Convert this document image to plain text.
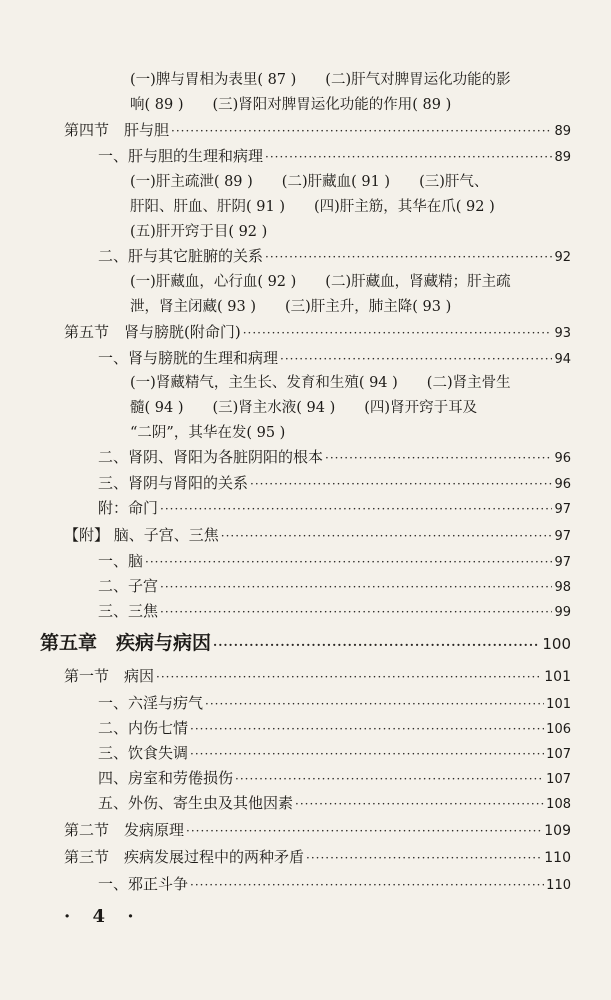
(一)脾与胃相为表里( 87 )　　(二)肝气对脾胃运化功能的影
响( 89 )　　(三)肾阳对脾胃运化功能的作用( 89 )
第四节　肝与胆 ·····	89
一、肝与胆的生理和病理 ·····	89
(一)肝主疏泄( 89 )　　(二)肝藏血( 91 )　　(三)肝气、
肝阳、肝血、肝阴( 91 )　　(四)肝主筋，其华在爪( 92 )
(五)肝开窍于目( 92 )
二、肝与其它脏腑的关系 ·····	92
(一)肝藏血，心行血( 92 )　　(二)肝藏血，肾藏精；肝主疏
泄，肾主闭藏( 93 )　　(三)肝主升，肺主降( 93 )
第五节　肾与膀胱(附命门) ·····	93
一、肾与膀胱的生理和病理 ·····	94
(一)肾藏精气，主生长、发育和生殖( 94 )　　(二)肾主骨生
髓( 94 )　　(三)肾主水液( 94 )　　(四)肾开窍于耳及
“二阴”，其华在发( 95 )
二、肾阴、肾阳为各脏阴阳的根本 ·····	96
三、肾阴与肾阳的关系 ·····	96
附：命门 ·····	97
【附】 脑、子宫、三焦 ·····	97
一、脑 ·····	97
二、子宫 ·····	98
三、三焦 ·····	99
第五章　疾病与病因 ·····	100
第一节　病因 ·····	101
一、六淫与疠气 ·····	101
二、内伤七情 ·····	106
三、饮食失调 ·····	107
四、房室和劳倦损伤 ·····	107
五、外伤、寄生虫及其他因素 ·····	108
第二节　发病原理 ·····	109
第三节　疾病发展过程中的两种矛盾 ·····	110
一、邪正斗争 ·····	110
· 4 ·
